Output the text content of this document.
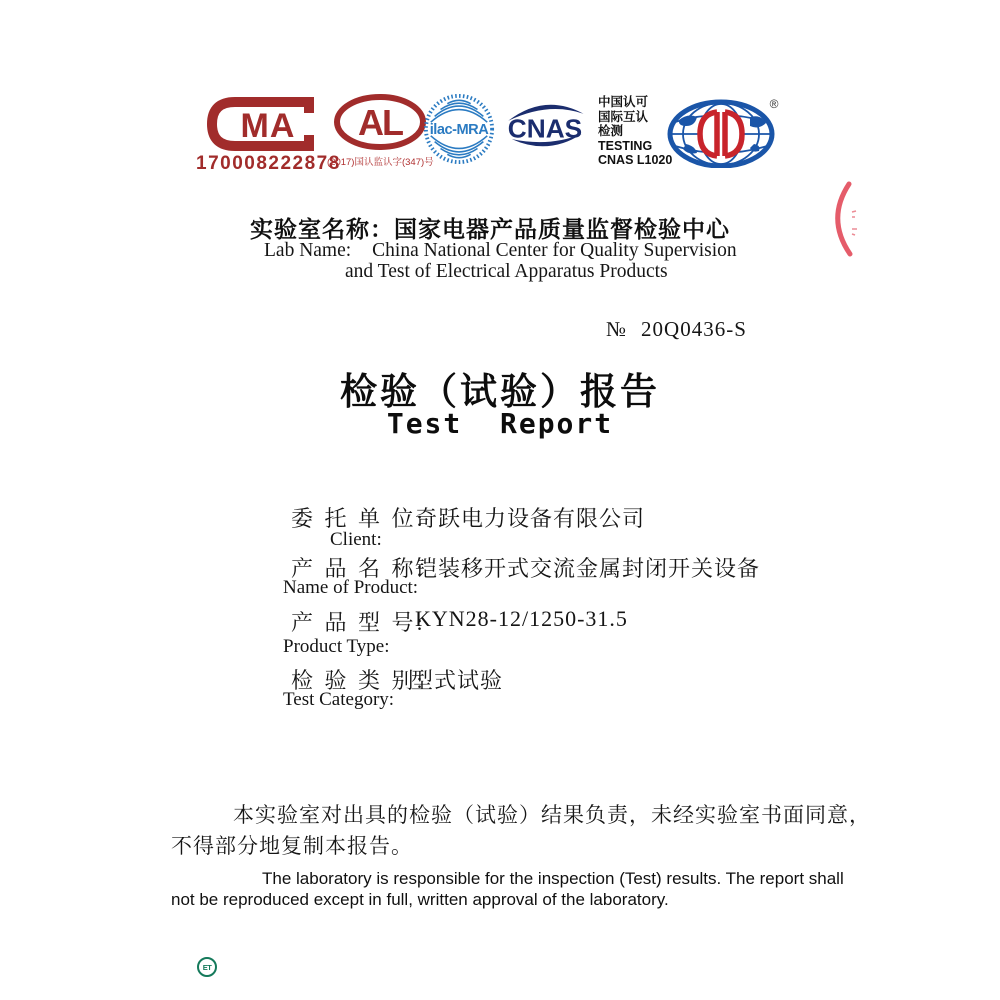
MA
170008222878
AL
(2017)国认监认字(347)号
ilac-MRA CNAS
中国认可
国际互认
检测
TESTING
CNAS L1020
®
实验室名称：国家电器产品质量监督检验中心
Lab Name: China National Center for Quality Supervision
and Test of Electrical Apparatus Products
№ 20Q0436-S
检验（试验）报告
Test  Report
委 托 单 位:
奇跃电力设备有限公司
Client:
产 品 名 称:
铠装移开式交流金属封闭开关设备
Name of Product:
产 品 型 号:
KYN28-12/1250-31.5
Product Type:
检 验 类 别:
型式试验
Test Category:
本实验室对出具的检验（试验）结果负责，未经实验室书面同意，
不得部分地复制本报告。
The laboratory is responsible for the inspection (Test) results. The report shall
not be reproduced except in full, written approval of the laboratory.
ET
